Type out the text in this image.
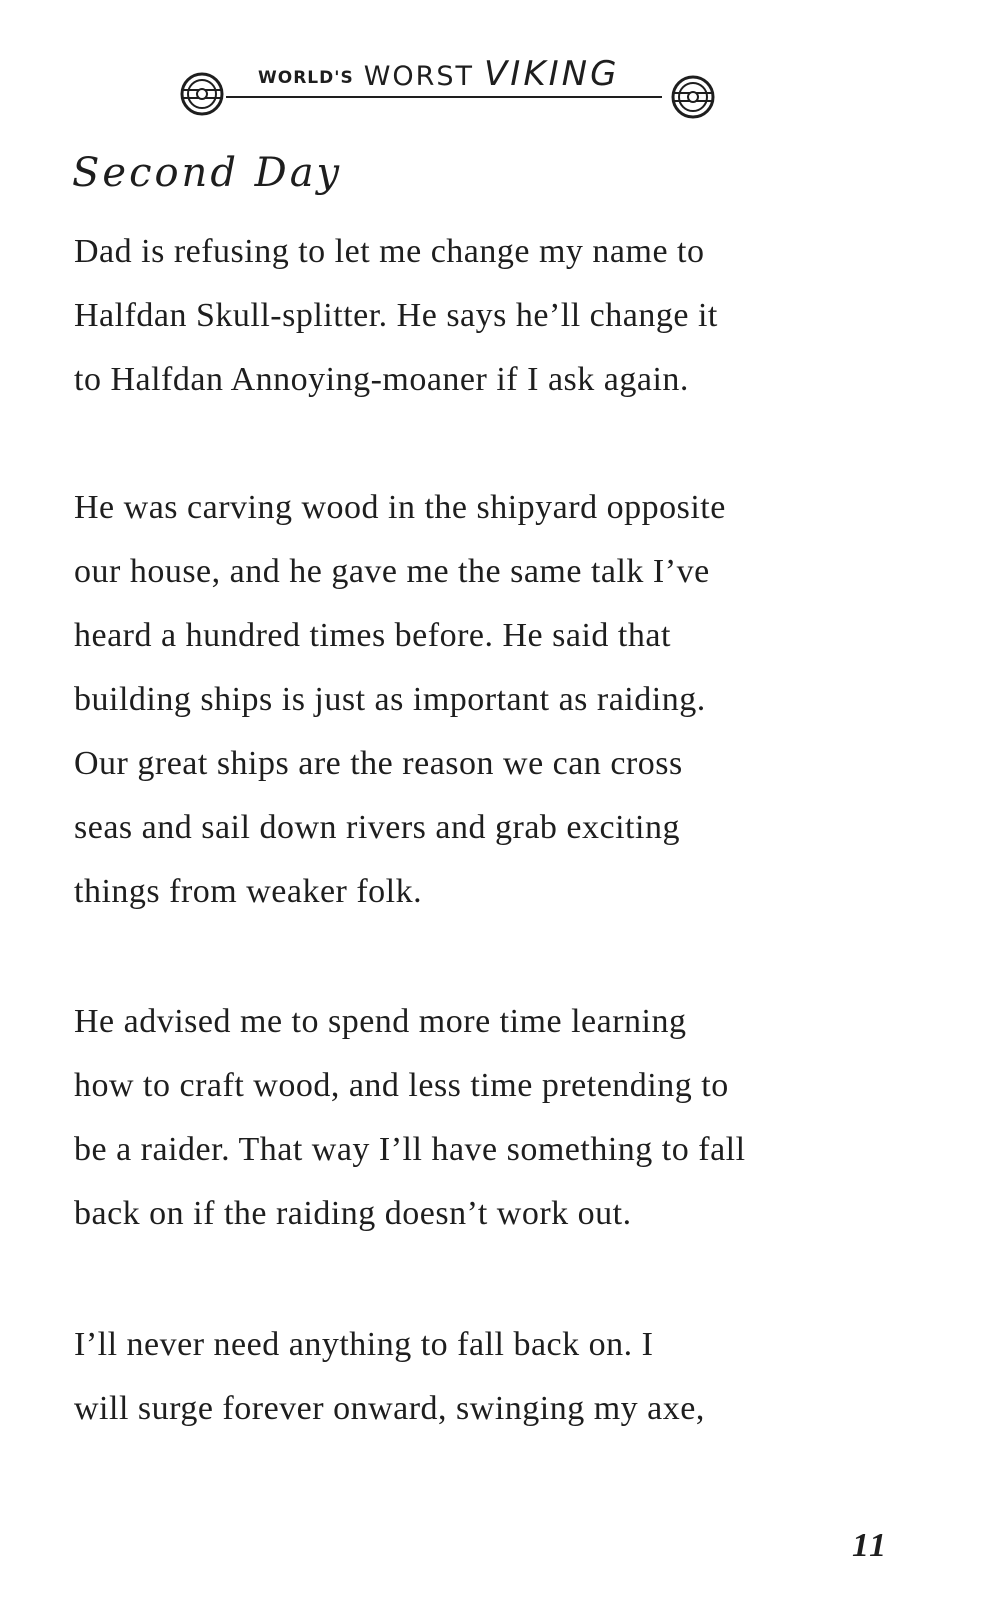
WORLD'S WORST VIKING
Second Day

Dad is refusing to let me change my name to
Halfdan Skull-splitter. He says he’ll change it
to Halfdan Annoying-moaner if I ask again.

He was carving wood in the shipyard opposite
our house, and he gave me the same talk I’ve
heard a hundred times before. He said that
building ships is just as important as raiding.
Our great ships are the reason we can cross
seas and sail down rivers and grab exciting
things from weaker folk.

He advised me to spend more time learning
how to craft wood, and less time pretending to
be a raider. That way I’ll have something to fall
back on if the raiding doesn’t work out.

I’ll never need anything to fall back on. I
will surge forever onward, swinging my axe,

11
